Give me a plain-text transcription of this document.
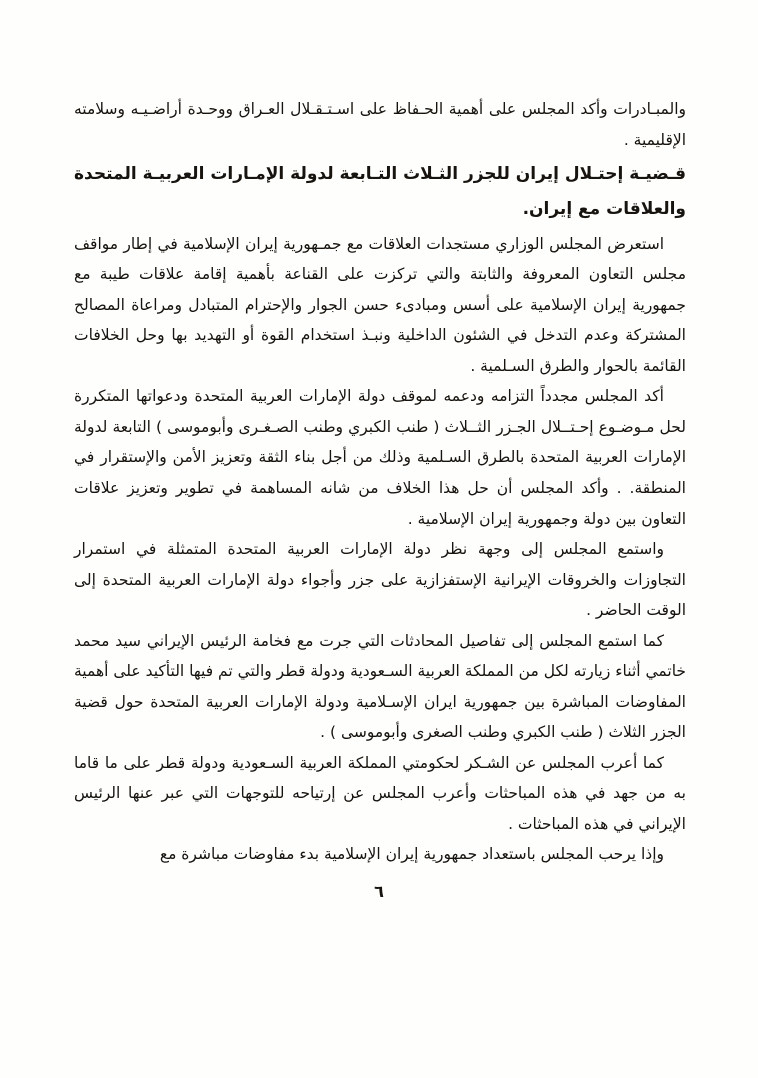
والمبـادرات وأكد المجلس على أهمية الحـفاظ على اسـتـقـلال العـراق ووحـدة أراضـيـه وسلامته الإقليمية .

قـضيـة إحتـلال إيران للجزر الثـلاث التـابعة لدولة الإمـارات العربيـة المتحدة والعلاقات مع إيران.

استعرض المجلس الوزاري مستجدات العلاقات مع جمـهورية إيران الإسلامية في إطار مواقف مجلس التعاون المعروفة والثابتة والتي تركزت على القناعة بأهمية إقامة علاقات طيبة مع جمهورية إيران الإسلامية على أسس ومبادىء حسن الجوار والإحترام المتبادل ومراعاة المصالح المشتركة وعدم التدخل في الشئون الداخلية ونبـذ استخدام القوة أو التهديد بها وحل الخلافات القائمة بالحوار والطرق السـلمية .

أكد المجلس مجدداً التزامه ودعمه لموقف دولة الإمارات العربية المتحدة ودعواتها المتكررة لحل مـوضـوع إحـتــلال الجـزر الثــلاث ( طنب الكبري وطنب الصـغـرى وأبوموسى ) التابعة لدولة الإمارات العربية المتحدة بالطرق السـلمية وذلك من أجل بناء الثقة وتعزيز الأمن والإستقرار في المنطقة. . وأكد المجلس أن حل هذا الخلاف من شانه المساهمة في تطوير وتعزيز علاقات التعاون بين دولة وجمهورية إيران الإسلامية .

واستمع المجلس إلى وجهة نظر دولة الإمارات العربية المتحدة المتمثلة في استمرار التجاوزات والخروقات الإيرانية الإستفزازية على جزر وأجواء دولة الإمارات العربية المتحدة إلى الوقت الحاضر .

كما استمع المجلس إلى تفاصيل المحادثات التي جرت مع فخامة الرئيس الإيراني سيد محمد خاتمي أثناء زيارته لكل من المملكة العربية السـعودية ودولة قطر والتي تم فيها التأكيد على أهمية المفاوضات المباشرة بين جمهورية ايران الإسـلامية ودولة الإمارات العربية المتحدة حول قضية الجزر الثلاث ( طنب الكبري وطنب الصغرى وأبوموسى ) .

كما أعرب المجلس عن الشـكر لحكومتي المملكة العربية السـعودية ودولة قطر على ما قاما به من جهد في هذه المباحثات وأعرب المجلس عن إرتياحه للتوجهات التي عبر عنها الرئيس الإيراني في هذه المباحثات .

وإذا يرحب المجلس باستعداد جمهورية إيران الإسلامية بدء مفاوضات مباشرة مع

٦
